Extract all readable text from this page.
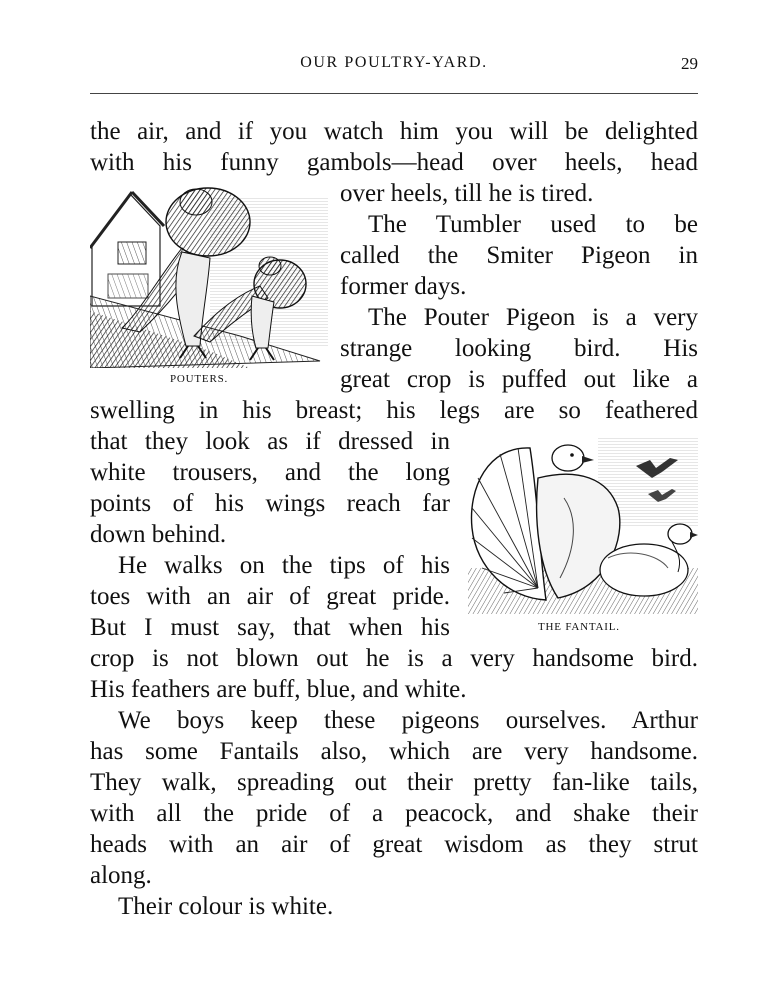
OUR POULTRY-YARD.	29
the air, and if you watch him you will be delighted
with his funny gambols—head over heels, head
over heels, till he is tired.
The Tumbler used to be
called the Smiter Pigeon in
former days.
The Pouter Pigeon is a very
strange looking bird. His
great crop is puffed out like a
swelling in his breast; his legs are so feathered
that they look as if dressed in
white trousers, and the long
points of his wings reach far
down behind.
He walks on the tips of his
toes with an air of great pride.
But I must say, that when his
crop is not blown out he is a very handsome bird.
His feathers are buff, blue, and white.
We boys keep these pigeons ourselves. Arthur
has some Fantails also, which are very handsome.
They walk, spreading out their pretty fan-like tails,
with all the pride of a peacock, and shake their
heads with an air of great wisdom as they strut
along.
Their colour is white.
POUTERS.
THE FANTAIL.
